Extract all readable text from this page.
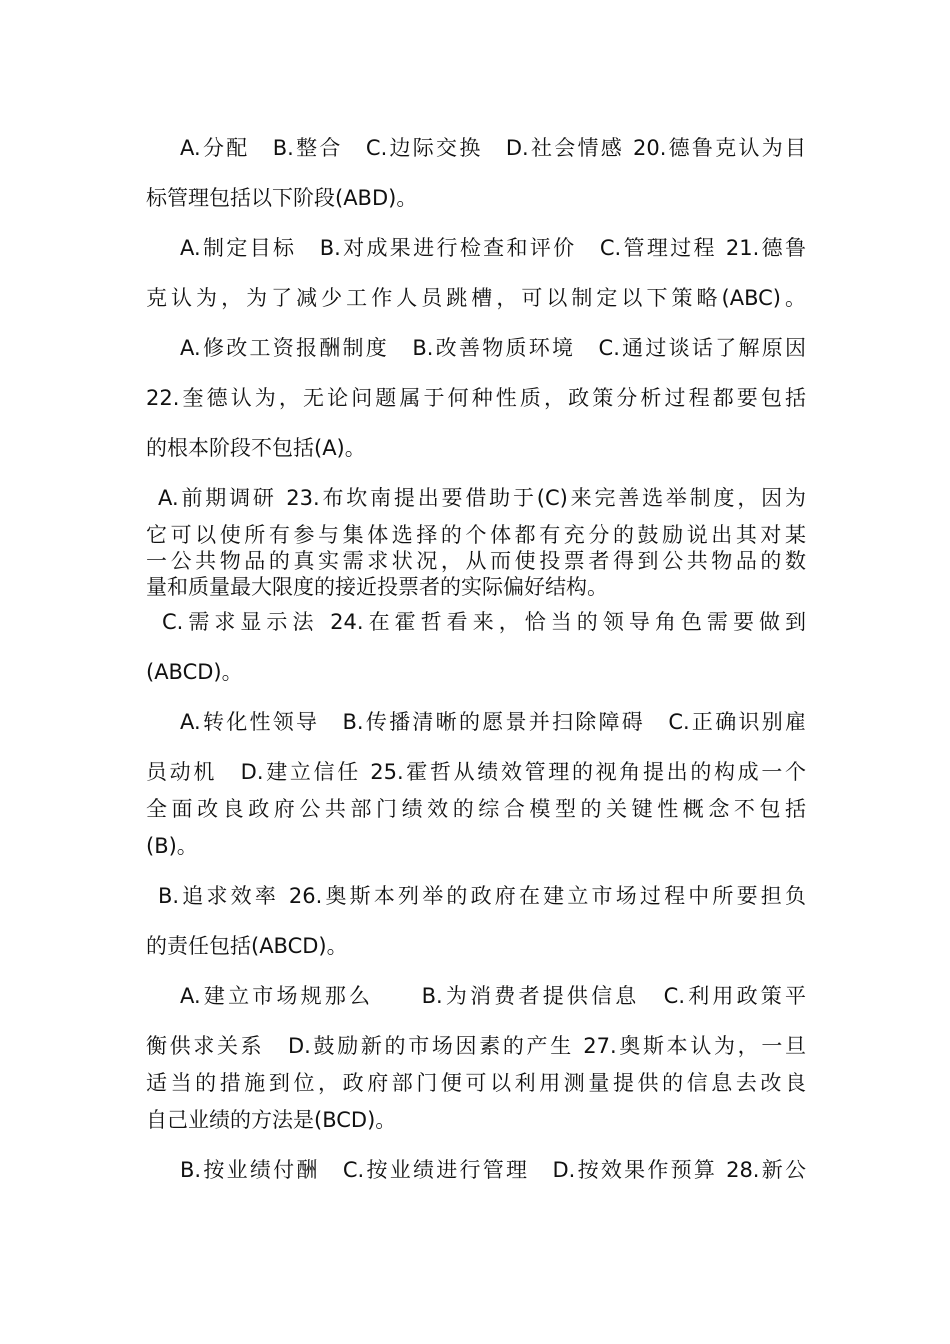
A.分配　B.整合　C.边际交换　D.社会情感 20.德鲁克认为目
标管理包括以下阶段(ABD)。
A.制定目标　B.对成果进行检查和评价　C.管理过程 21.德鲁
克认为，为了减少工作人员跳槽，可以制定以下策略(ABC)。
A.修改工资报酬制度　B.改善物质环境　C.通过谈话了解原因
22.奎德认为，无论问题属于何种性质，政策分析过程都要包括
的根本阶段不包括(A)。
A.前期调研 23.布坎南提出要借助于(C)来完善选举制度，因为
它可以使所有参与集体选择的个体都有充分的鼓励说出其对某
一公共物品的真实需求状况，从而使投票者得到公共物品的数
量和质量最大限度的接近投票者的实际偏好结构。
C.需求显示法 24.在霍哲看来，恰当的领导角色需要做到
(ABCD)。
A.转化性领导　B.传播清晰的愿景并扫除障碍　C.正确识别雇
员动机　D.建立信任 25.霍哲从绩效管理的视角提出的构成一个
全面改良政府公共部门绩效的综合模型的关键性概念不包括
(B)。
B.追求效率 26.奥斯本列举的政府在建立市场过程中所要担负
的责任包括(ABCD)。
A.建立市场规那么　　B.为消费者提供信息　C.利用政策平
衡供求关系　D.鼓励新的市场因素的产生 27.奥斯本认为，一旦
适当的措施到位，政府部门便可以利用测量提供的信息去改良
自己业绩的方法是(BCD)。
B.按业绩付酬　C.按业绩进行管理　D.按效果作预算 28.新公
